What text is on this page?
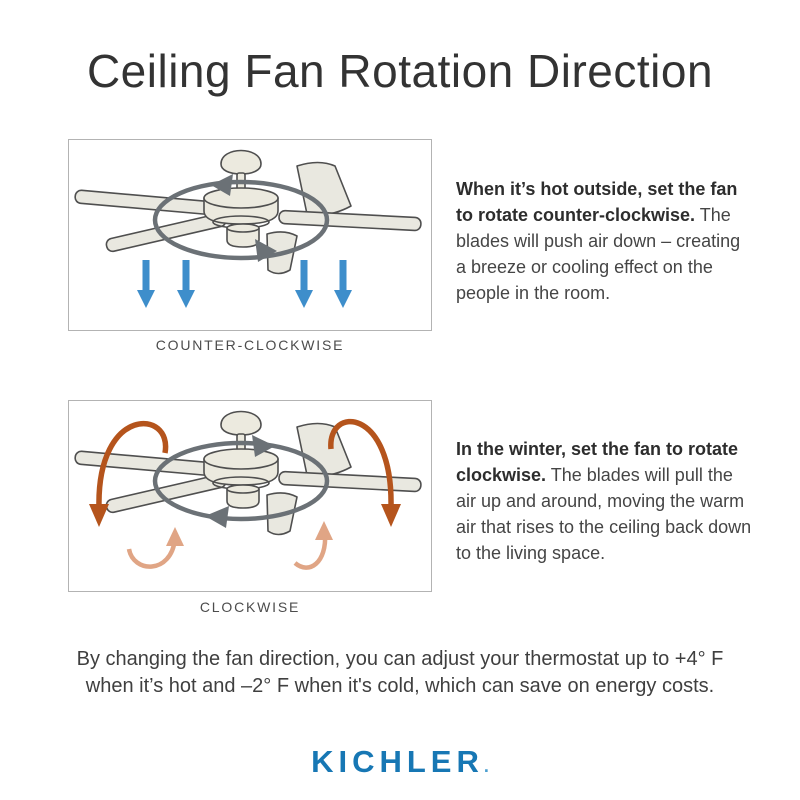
Ceiling Fan Rotation Direction
COUNTER-CLOCKWISE
When it’s hot outside, set the fan to rotate counter-clockwise. The blades will push air down – creating a breeze or cooling effect on the people in the room.
CLOCKWISE
In the winter, set the fan to rotate clockwise. The blades will pull the air up and around, moving the warm air that rises to the ceiling back down to the living space.
By changing the fan direction, you can adjust your thermostat up to +4° F
when it’s hot and –2° F when it's cold, which can save on energy costs.
KICHLER.
